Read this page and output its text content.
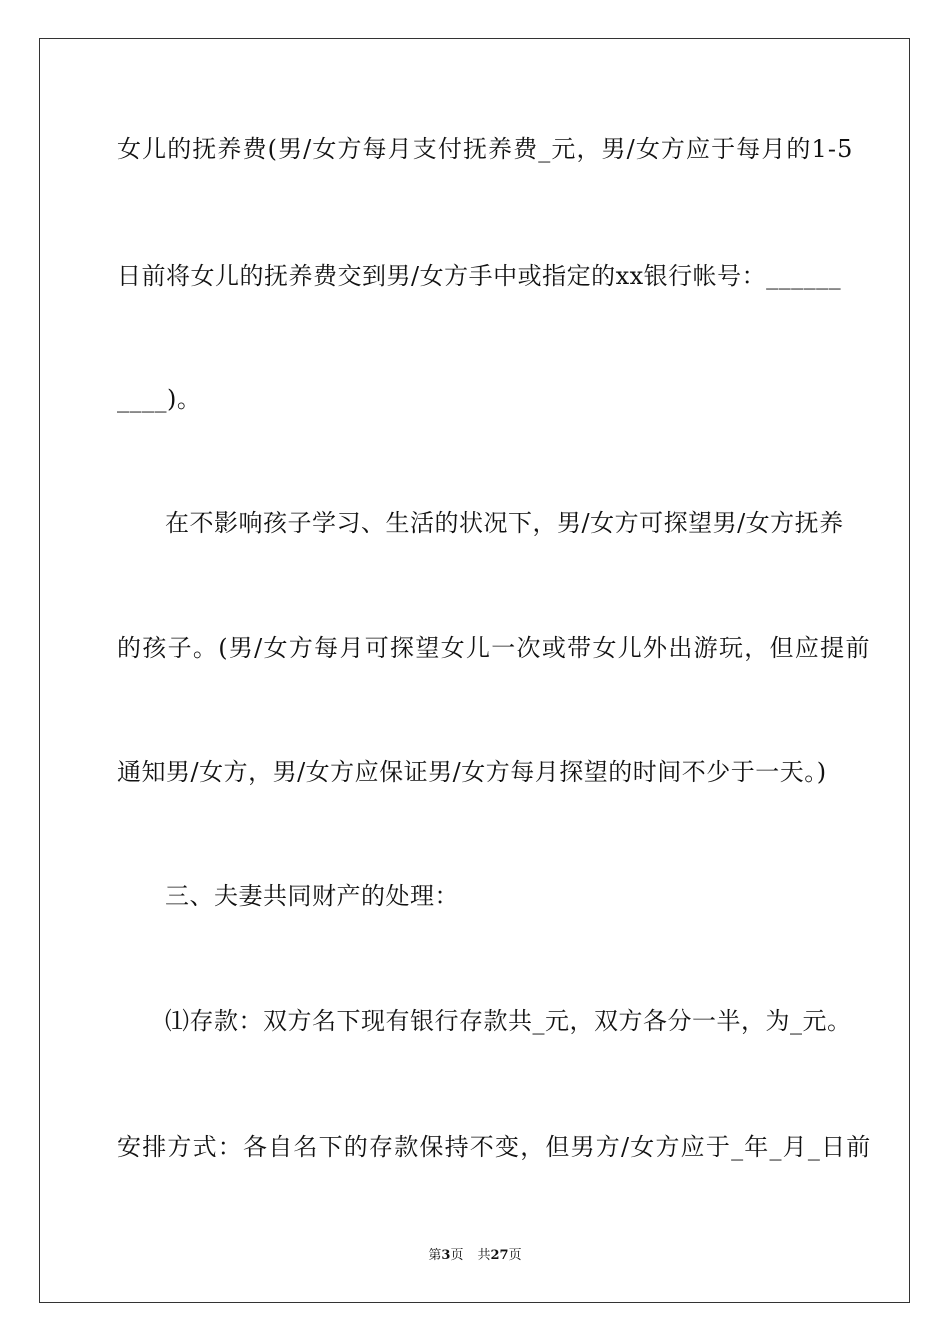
女儿的抚养费(男/女方每月支付抚养费_元，男/女方应于每月的1-5
日前将女儿的抚养费交到男/女方手中或指定的xx银行帐号：______
____)。
在不影响孩子学习、生活的状况下，男/女方可探望男/女方抚养
的孩子。(男/女方每月可探望女儿一次或带女儿外出游玩，但应提前
通知男/女方，男/女方应保证男/女方每月探望的时间不少于一天。)
三、夫妻共同财产的处理：
⑴存款：双方名下现有银行存款共_元，双方各分一半，为_元。
安排方式：各自名下的存款保持不变，但男方/女方应于_年_月_日前
第3页 共27页
